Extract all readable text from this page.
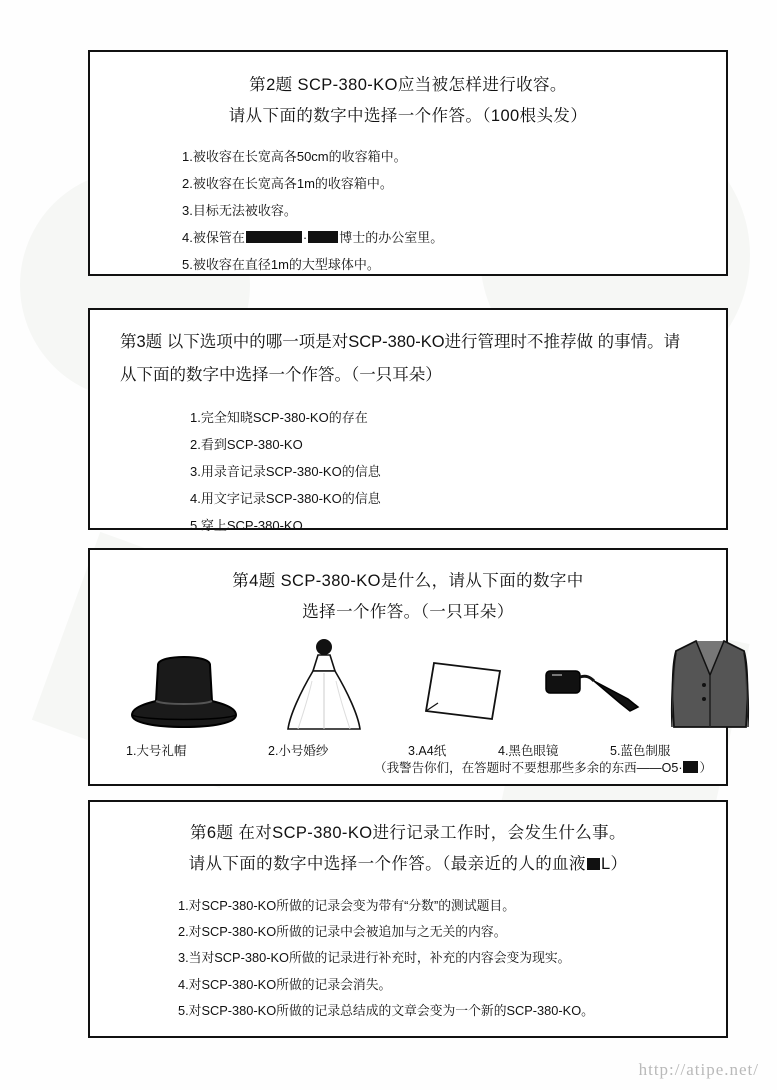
第2题 SCP-380-KO应当被怎样进行收容。
请从下面的数字中选择一个作答。（100根头发）
1.被收容在长宽高各50cm的收容箱中。
2.被收容在长宽高各1m的收容箱中。
3.目标无法被收容。
4.被保管在	· 博士的办公室里。
5.被收容在直径1m的大型球体中。
第3题 以下选项中的哪一项是对SCP-380-KO进行管理时不推荐做 的事情。请从下面的数字中选择一个作答。（一只耳朵）
1.完全知晓SCP-380-KO的存在
2.看到SCP-380-KO
3.用录音记录SCP-380-KO的信息
4.用文字记录SCP-380-KO的信息
5.穿上SCP-380-KO
第4题 SCP-380-KO是什么，请从下面的数字中
选择一个作答。（一只耳朵）
1.大号礼帽	2.小号婚纱	3.A4纸	4.黑色眼镜	5.蓝色制服
（我警告你们，在答题时不要想那些多余的东西——O5· ）
第6题 在对SCP-380-KO进行记录工作时，会发生什么事。
请从下面的数字中选择一个作答。（最亲近的人的血液 L）
1.对SCP-380-KO所做的记录会变为带有“分数”的测试题目。
2.对SCP-380-KO所做的记录中会被追加与之无关的内容。
3.当对SCP-380-KO所做的记录进行补充时，补充的内容会变为现实。
4.对SCP-380-KO所做的记录会消失。
5.对SCP-380-KO所做的记录总结成的文章会变为一个新的SCP-380-KO。
http://atipe.net/
